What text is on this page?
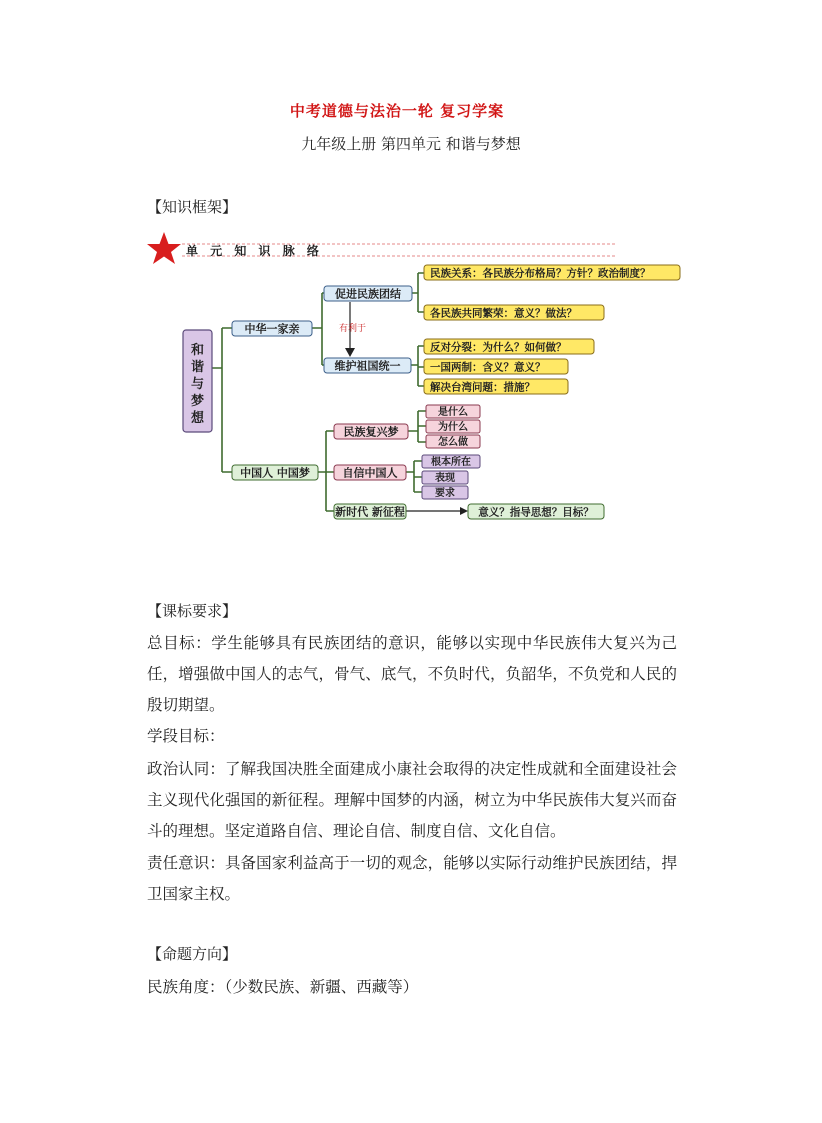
中考道德与法治一轮 复习学案
九年级上册 第四单元 和谐与梦想
【知识框架】
单 元 知 识 脉 络
有利于
和
谐
与
梦
想
中华一家亲
中国人 中国梦
促进民族团结
维护祖国统一
民族关系：各民族分布格局？方针？政治制度？
各民族共同繁荣：意义？做法？
反对分裂：为什么？如何做？
一国两制：含义？意义？
解决台湾问题：措施？
民族复兴梦
自信中国人
新时代 新征程
是什么
为什么
怎么做
根本所在
表现
要求
意义？指导思想？目标？
【课标要求】

总目标：学生能够具有民族团结的意识，能够以实现中华民族伟大复兴为己任，增强做中国人的志气，骨气、底气，不负时代，负韶华，不负党和人民的殷切期望。

学段目标：

政治认同：了解我国决胜全面建成小康社会取得的决定性成就和全面建设社会主义现代化强国的新征程。理解中国梦的内涵，树立为中华民族伟大复兴而奋斗的理想。坚定道路自信、理论自信、制度自信、文化自信。

责任意识：具备国家利益高于一切的观念，能够以实际行动维护民族团结，捍卫国家主权。

【命题方向】
民族角度：（少数民族、新疆、西藏等）
